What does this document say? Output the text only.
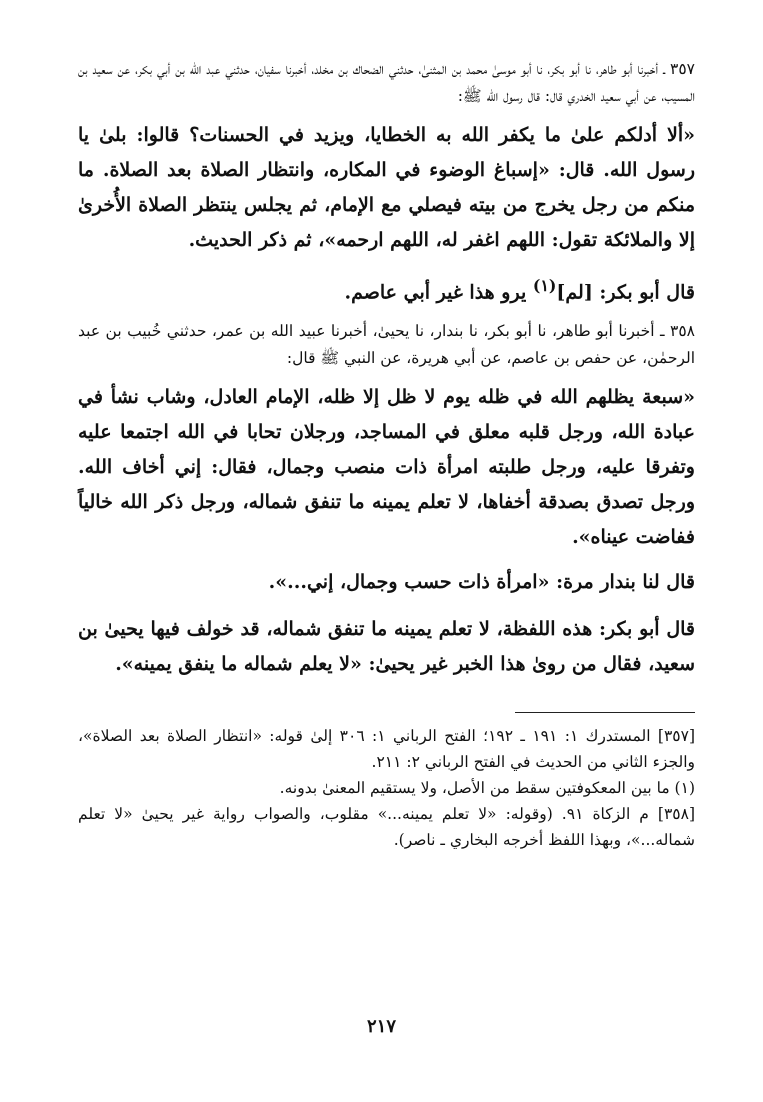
٣٥٧ ـ أخبرنا أبو طاهر، نا أبو بكر، نا أبو موسىٰ محمد بن المثنىٰ، حدثني الضحاك بن مخلد، أخبرنا سفيان، حدثني عبد الله بن أبي بكر، عن سعيد بن المسيب، عن أبي سعيد الخدري قال: قال رسول الله ﷺ:

«ألا أدلكم علىٰ ما يكفر الله به الخطايا، ويزيد في الحسنات؟ قالوا: بلىٰ يا رسول الله. قال: «إسباغ الوضوء في المكاره، وانتظار الصلاة بعد الصلاة. ما منكم من رجل يخرج من بيته فيصلي مع الإمام، ثم يجلس ينتظر الصلاة الأُخرىٰ إلا والملائكة تقول: اللهم اغفر له، اللهم ارحمه»، ثم ذكر الحديث.

قال أبو بكر: [لم]$^{(١)}$ يرو هذا غير أبي عاصم.

٣٥٨ ـ أخبرنا أبو طاهر، نا أبو بكر، نا بندار، نا يحيىٰ، أخبرنا عبيد الله بن عمر، حدثني خُبيب بن عبد الرحمٰن، عن حفص بن عاصم، عن أبي هريرة، عن النبي ﷺ قال:

«سبعة يظلهم الله في ظله يوم لا ظل إلا ظله، الإمام العادل، وشاب نشأ في عبادة الله، ورجل قلبه معلق في المساجد، ورجلان تحابا في الله اجتمعا عليه وتفرقا عليه، ورجل طلبته امرأة ذات منصب وجمال، فقال: إني أخاف الله. ورجل تصدق بصدقة أخفاها، لا تعلم يمينه ما تنفق شماله، ورجل ذكر الله خالياً ففاضت عيناه».

قال لنا بندار مرة: «امرأة ذات حسب وجمال، إني...».

قال أبو بكر: هذه اللفظة، لا تعلم يمينه ما تنفق شماله، قد خولف فيها يحيىٰ بن سعيد، فقال من روىٰ هذا الخبر غير يحيىٰ: «لا يعلم شماله ما ينفق يمينه».

[٣٥٧] المستدرك ١: ١٩١ ـ ١٩٢؛ الفتح الرباني ١: ٣٠٦ إلىٰ قوله: «انتظار الصلاة بعد الصلاة»، والجزء الثاني من الحديث في الفتح الرباني ٢: ٢١١.

(١) ما بين المعكوفتين سقط من الأصل، ولا يستقيم المعنىٰ بدونه.

[٣٥٨] م الزكاة ٩١. (وقوله: «لا تعلم يمينه...» مقلوب، والصواب رواية غير يحيىٰ «لا تعلم شماله...»، وبهذا اللفظ أخرجه البخاري ـ ناصر).

٢١٧
